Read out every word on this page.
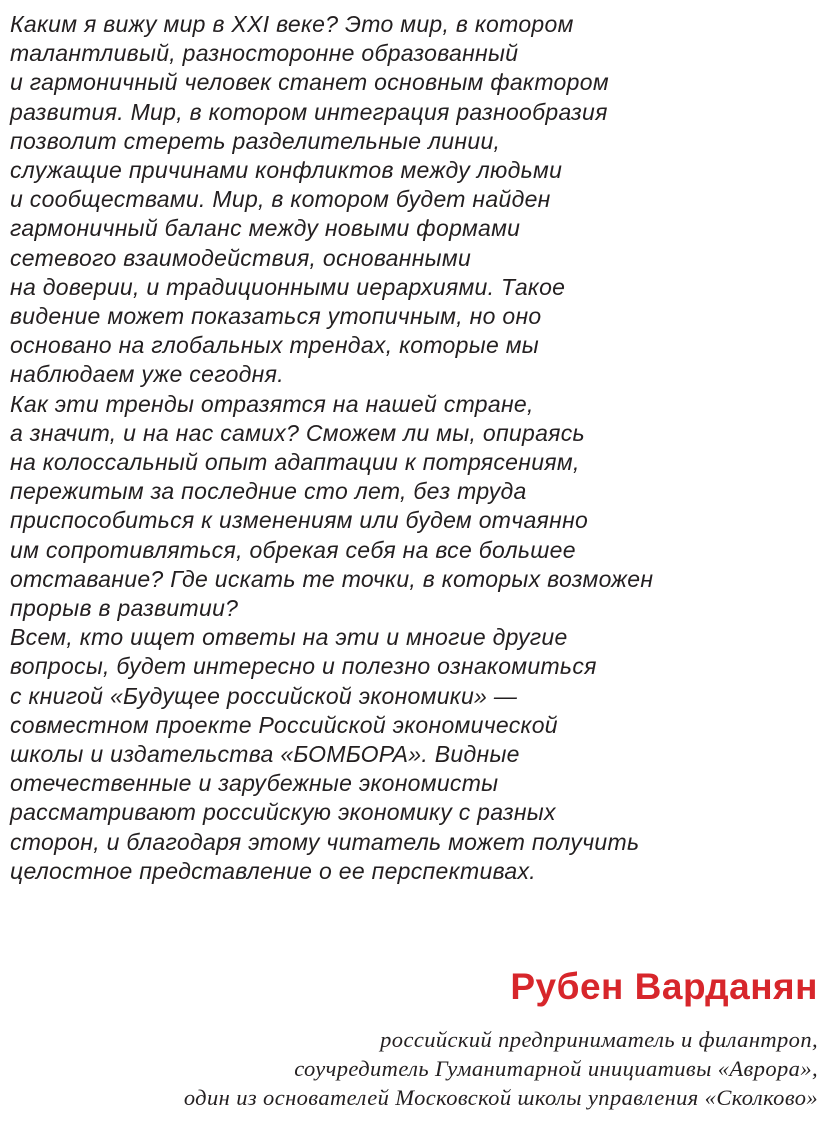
Каким я вижу мир в XXI веке? Это мир, в котором
талантливый, разносторонне образованный
и гармоничный человек станет основным фактором
развития. Мир, в котором интеграция разнообразия
позволит стереть разделительные линии,
служащие причинами конфликтов между людьми
и сообществами. Мир, в котором будет найден
гармоничный баланс между новыми формами
сетевого взаимодействия, основанными
на доверии, и традиционными иерархиями. Такое
видение может показаться утопичным, но оно
основано на глобальных трендах, которые мы
наблюдаем уже сегодня.
Как эти тренды отразятся на нашей стране,
а значит, и на нас самих? Сможем ли мы, опираясь
на колоссальный опыт адаптации к потрясениям,
пережитым за последние сто лет, без труда
приспособиться к изменениям или будем отчаянно
им сопротивляться, обрекая себя на все большее
отставание? Где искать те точки, в которых возможен
прорыв в развитии?
Всем, кто ищет ответы на эти и многие другие
вопросы, будет интересно и полезно ознакомиться
с книгой «Будущее российской экономики» —
совместном проекте Российской экономической
школы и издательства «БОМБОРА». Видные
отечественные и зарубежные экономисты
рассматривают российскую экономику с разных
сторон, и благодаря этому читатель может получить
целостное представление о ее перспективах.
Рубен Варданян
российский предприниматель и филантроп,
соучредитель Гуманитарной инициативы «Аврора»,
один из основателей Московской школы управления «Сколково»
